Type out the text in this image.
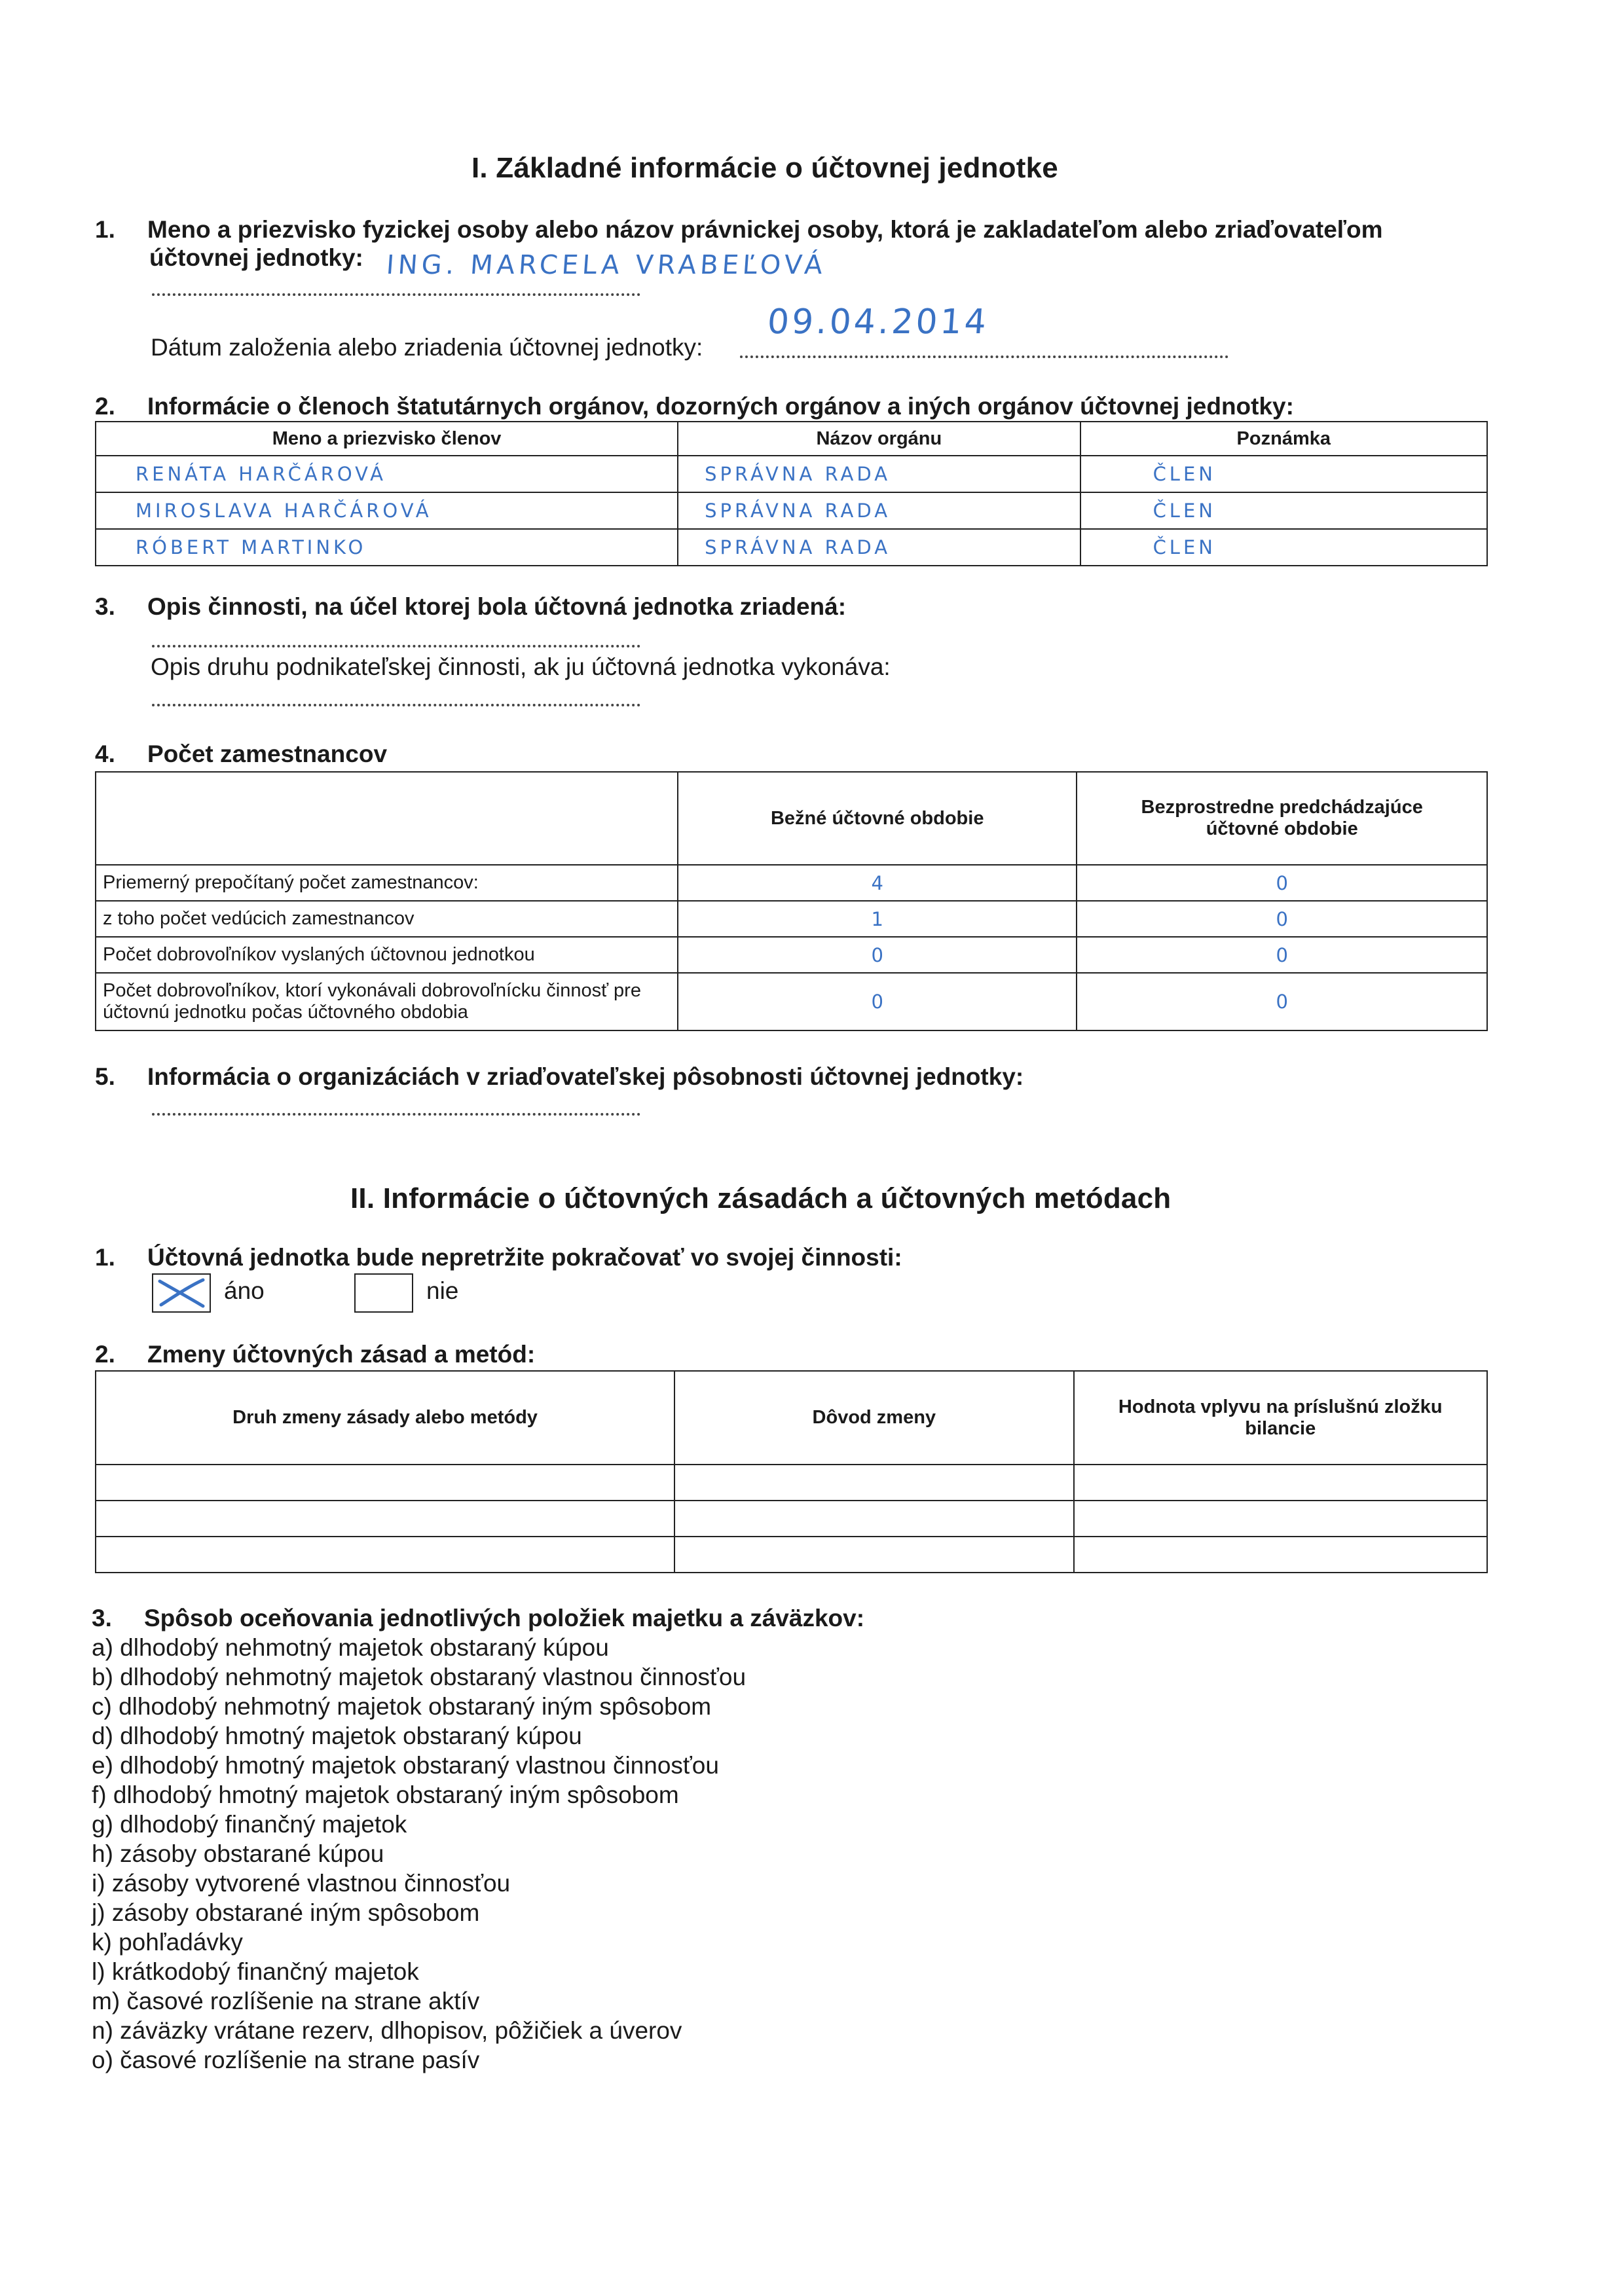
I. Základné informácie o účtovnej jednotke
1. Meno a priezvisko fyzickej osoby alebo názov právnickej osoby, ktorá je zakladateľom alebo zriaďovateľom
účtovnej jednotky: ING. MARCELA VRABEĽOVÁ
Dátum založenia alebo zriadenia účtovnej jednotky:
09.04.2014
2. Informácie o členoch štatutárnych orgánov, dozorných orgánov a iných orgánov účtovnej jednotky:
Meno a priezvisko členov	Názov orgánu	Poznámka
RENÁTA HARČÁROVÁ	SPRÁVNA RADA	ČLEN
MIROSLAVA HARČÁROVÁ	SPRÁVNA RADA	ČLEN
RÓBERT MARTINKO	SPRÁVNA RADA	ČLEN
3. Opis činnosti, na účel ktorej bola účtovná jednotka zriadená:
Opis druhu podnikateľskej činnosti, ak ju účtovná jednotka vykonáva:
4. Počet zamestnancov
	Bežné účtovné obdobie	Bezprostredne predchádzajúce účtovné obdobie
Priemerný prepočítaný počet zamestnancov:	4	0
z toho počet vedúcich zamestnancov	1	0
Počet dobrovoľníkov vyslaných účtovnou jednotkou	0	0
Počet dobrovoľníkov, ktorí vykonávali dobrovoľnícku činnosť pre účtovnú jednotku počas účtovného obdobia	0	0
5. Informácia o organizáciách v zriaďovateľskej pôsobnosti účtovnej jednotky:
II. Informácie o účtovných zásadách a účtovných metódach
1. Účtovná jednotka bude nepretržite pokračovať vo svojej činnosti:
áno	nie
2. Zmeny účtovných zásad a metód:
Druh zmeny zásady alebo metódy	Dôvod zmeny	Hodnota vplyvu na príslušnú zložku bilancie

3. Spôsob oceňovania jednotlivých položiek majetku a záväzkov:
a) dlhodobý nehmotný majetok obstaraný kúpou
b) dlhodobý nehmotný majetok obstaraný vlastnou činnosťou
c) dlhodobý nehmotný majetok obstaraný iným spôsobom
d) dlhodobý hmotný majetok obstaraný kúpou
e) dlhodobý hmotný majetok obstaraný vlastnou činnosťou
f) dlhodobý hmotný majetok obstaraný iným spôsobom
g) dlhodobý finančný majetok
h) zásoby obstarané kúpou
i) zásoby vytvorené vlastnou činnosťou
j) zásoby obstarané iným spôsobom
k) pohľadávky
l) krátkodobý finančný majetok
m) časové rozlíšenie na strane aktív
n) záväzky vrátane rezerv, dlhopisov, pôžičiek a úverov
o) časové rozlíšenie na strane pasív
